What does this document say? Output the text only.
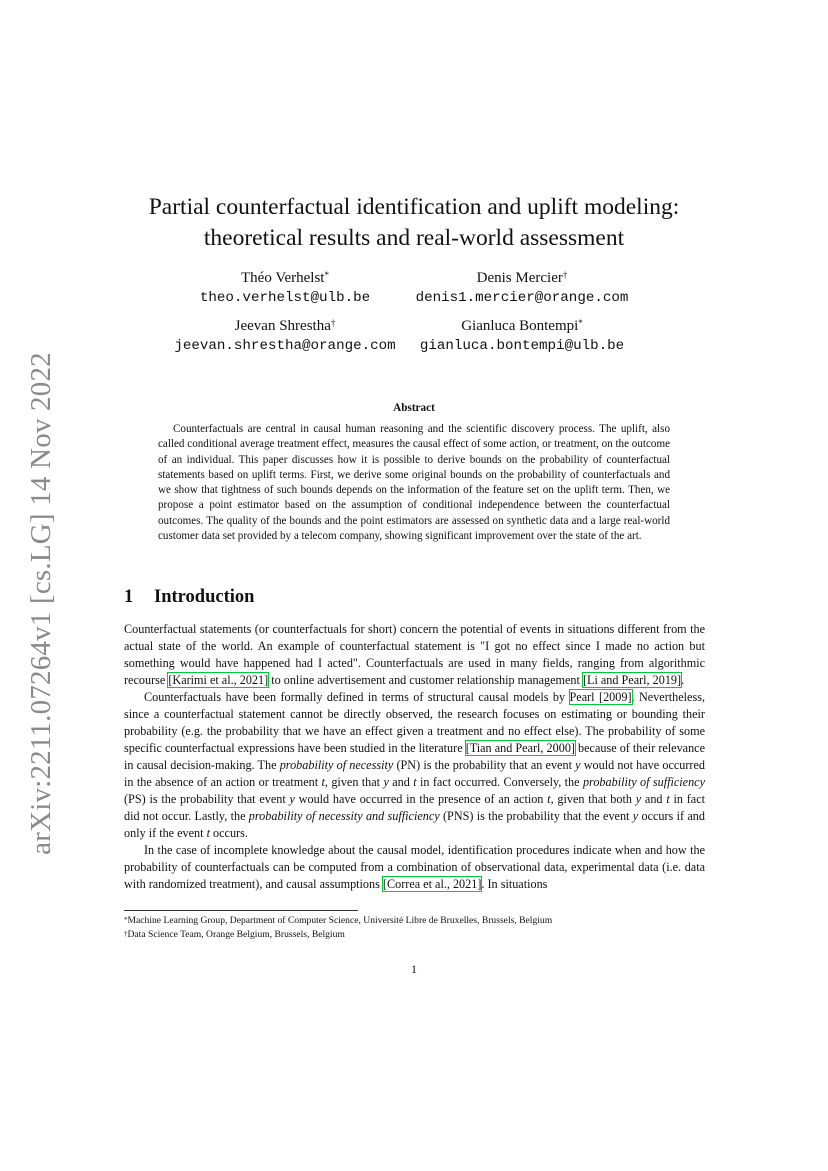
arXiv:2211.07264v1 [cs.LG] 14 Nov 2022
Partial counterfactual identification and uplift modeling:
theoretical results and real-world assessment
Théo Verhelst*
theo.verhelst@ulb.be
Denis Mercier†
denis1.mercier@orange.com
Jeevan Shrestha†
jeevan.shrestha@orange.com
Gianluca Bontempi*
gianluca.bontempi@ulb.be
Abstract
Counterfactuals are central in causal human reasoning and the scientific discovery process. The uplift, also called conditional average treatment effect, measures the causal effect of some action, or treatment, on the outcome of an individual. This paper discusses how it is possible to derive bounds on the probability of counterfactual statements based on uplift terms. First, we derive some original bounds on the probability of counterfactuals and we show that tightness of such bounds depends on the information of the feature set on the uplift term. Then, we propose a point estimator based on the assumption of conditional independence between the counterfactual outcomes. The quality of the bounds and the point estimators are assessed on synthetic data and a large real-world customer data set provided by a telecom company, showing significant improvement over the state of the art.
1 Introduction

Counterfactual statements (or counterfactuals for short) concern the potential of events in situations different from the actual state of the world. An example of counterfactual statement is "I got no effect since I made no action but something would have happened had I acted". Counterfactuals are used in many fields, ranging from algorithmic recourse [Karimi et al., 2021] to online advertisement and customer relationship management [Li and Pearl, 2019].

Counterfactuals have been formally defined in terms of structural causal models by Pearl [2009]. Nevertheless, since a counterfactual statement cannot be directly observed, the research focuses on estimating or bounding their probability (e.g. the probability that we have an effect given a treatment and no effect else). The probability of some specific counterfactual expressions have been studied in the literature [Tian and Pearl, 2000] because of their relevance in causal decision-making. The probability of necessity (PN) is the probability that an event y would not have occurred in the absence of an action or treatment t, given that y and t in fact occurred. Conversely, the probability of sufficiency (PS) is the probability that event y would have occurred in the presence of an action t, given that both y and t in fact did not occur. Lastly, the probability of necessity and sufficiency (PNS) is the probability that the event y occurs if and only if the event t occurs.

In the case of incomplete knowledge about the causal model, identification procedures indicate when and how the probability of counterfactuals can be computed from a combination of observational data, experimental data (i.e. data with randomized treatment), and causal assumptions [Correa et al., 2021]. In situations

*Machine Learning Group, Department of Computer Science, Université Libre de Bruxelles, Brussels, Belgium
†Data Science Team, Orange Belgium, Brussels, Belgium
1
